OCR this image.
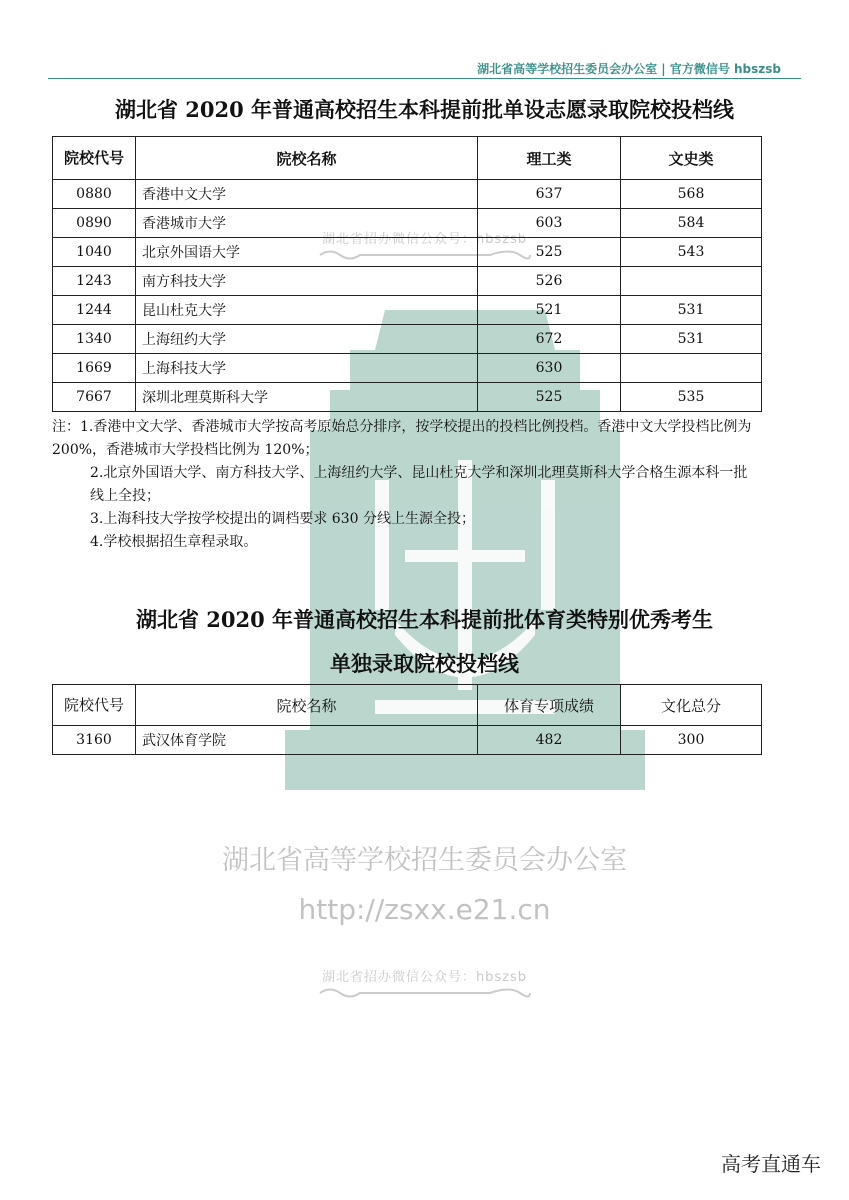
湖北省高等学校招生委员会办公室 | 官方微信号 hbszsb
湖北省招办微信公众号：hbszsb
湖北省高等学校招生委员会办公室
http://zsxx.e21.cn
湖北省招办微信公众号：hbszsb
湖北省 2020 年普通高校招生本科提前批单设志愿录取院校投档线
院校代号	院校名称	理工类	文史类
0880	香港中文大学	637	568
0890	香港城市大学	603	584
1040	北京外国语大学	525	543
1243	南方科技大学	526	
1244	昆山杜克大学	521	531
1340	上海纽约大学	672	531
1669	上海科技大学	630	
7667	深圳北理莫斯科大学	525	535

注：1.香港中文大学、香港城市大学按高考原始总分排序，按学校提出的投档比例投档。香港中文大学投档比例为 200%，香港城市大学投档比例为 120%；

2.北京外国语大学、南方科技大学、上海纽约大学、昆山杜克大学和深圳北理莫斯科大学合格生源本科一批线上全投；

3.上海科技大学按学校提出的调档要求 630 分线上生源全投；

4.学校根据招生章程录取。

湖北省 2020 年普通高校招生本科提前批体育类特别优秀考生
单独录取院校投档线
院校代号	院校名称	体育专项成绩	文化总分
3160	武汉体育学院	482	300
高考直通车
